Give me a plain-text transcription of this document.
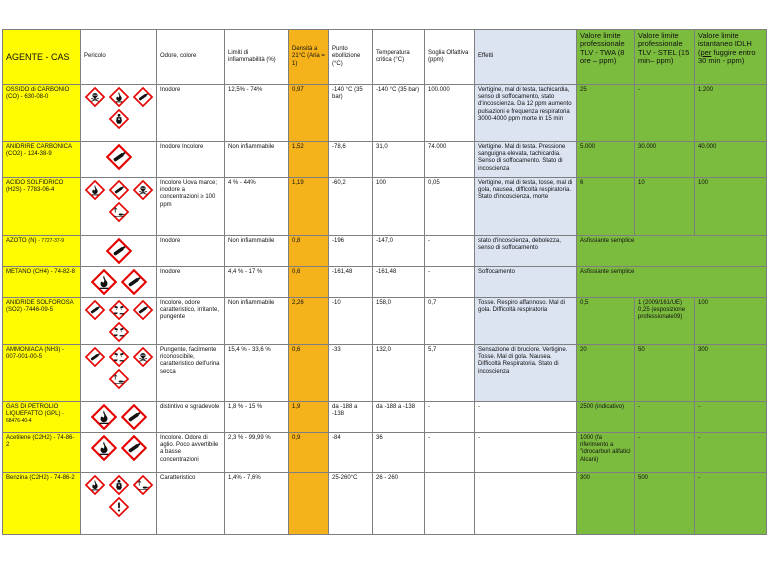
AGENTE - CAS	Pericolo	Odore, colore	Limiti di infiammabilità (%)	Densità a 21°C (Aria = 1)	Punto ebollizione (°C)	Temperatura critica (°C)	Soglia Olfattiva (ppm)	Effetti	Valore limite professionale TLV - TWA (8 ore – ppm)	Valore limite professionale TLV - STEL (15 min– ppm)	Valore limite istantaneo IDLH (per fuggire entro 30 min - ppm)
OSSIDO di CARBONIO (CO) - 630-08-0		Inodore	12,5% - 74%	0,97	-140 °C (35 bar)	-140 °C (35 bar)	100.000	Vertigine, mal di testa, tachicardia, senso di soffocamento, stato d'incoscienza. Da 12 ppm aumento pulsazioni e frequenza respiratoria 3000-4000 ppm morte in 15 min	25	-	1.200
ANIDRIRE CARBONICA (CO2) - 124-38-9		Inodore Incolore	Non infiammabile	1,52	-78,6	31,0	74.000	Vertigine. Mal di testa. Pressione sanguigna elevata, tachicardia. Senso di soffocamento. Stato di incoscienza	5.000	30.000	40.000
ACIDO SOLFIDRICO (H2S) - 7783-06-4		Incolore Uova marce; inodore a concentrazioni ≥ 100 ppm	4 % - 44%	1,19	-60,2	100	0,05	Vertigine, mal di testa, tosse, mal di gola, nausea, difficoltà respiratoria. Stato d'incoscienza, morte	6	10	100
AZOTO (N) - 7727-37-9		Inodore	Non infiammabile	0,8	-196	-147,0	-	stato d'incoscienza, debolezza, senso di soffocamento	Asfissiante semplice		
METANO (CH4) - 74-82-8		Inodore	4,4 % - 17 %	0,6	-161,48	-161,48	-	Soffocamento	Asfissiante semplice		
ANIDRIDE SOLFOROSA (SO2) -7446-09-5		Incolore, odore caratteristico, irritante, pungente	Non infiammabile	2,26	-10	158,0	0,7	Tosse. Respiro affannoso. Mal di gola. Difficoltà respiratoria	0,5	1 (2009/161/UE) 0,25 (esposizione professionale09)	100
AMMONIACA (NH3) - 007-001-00-5		Pungente, facilmente riconoscibile, caratteristico dell'urina secca	15,4 % - 33,6 %	0,6	-33	132,0	5,7	Sensazione di bruciore. Vertigine. Tosse. Mal di gola. Nausea. Difficoltà Respiratoria. Stato di incoscienza	20	50	300
GAS DI PETROLIO LIQUEFATTO (GPL) - 68476-40-4		distintivo e sgradevole	1,8 % - 15 %	1,9	da -188 a -138	da -188 a -138	-	-	2500 (indicativo)	-	-
Acetilene (C2H2) - 74-86-2		Incolore. Odore di aglio. Poco avvertibile a basse concentrazioni	2,3 % - 99,99 %	0,9	-84	36	-	-	1000 (fa riferimento a "idrocarburi alifatici Alcani)	-	-
Benzina (C2H2) - 74-86-2		Caratteristico	1,4% - 7,6%		25-260°C	26 - 260			300	500	-
